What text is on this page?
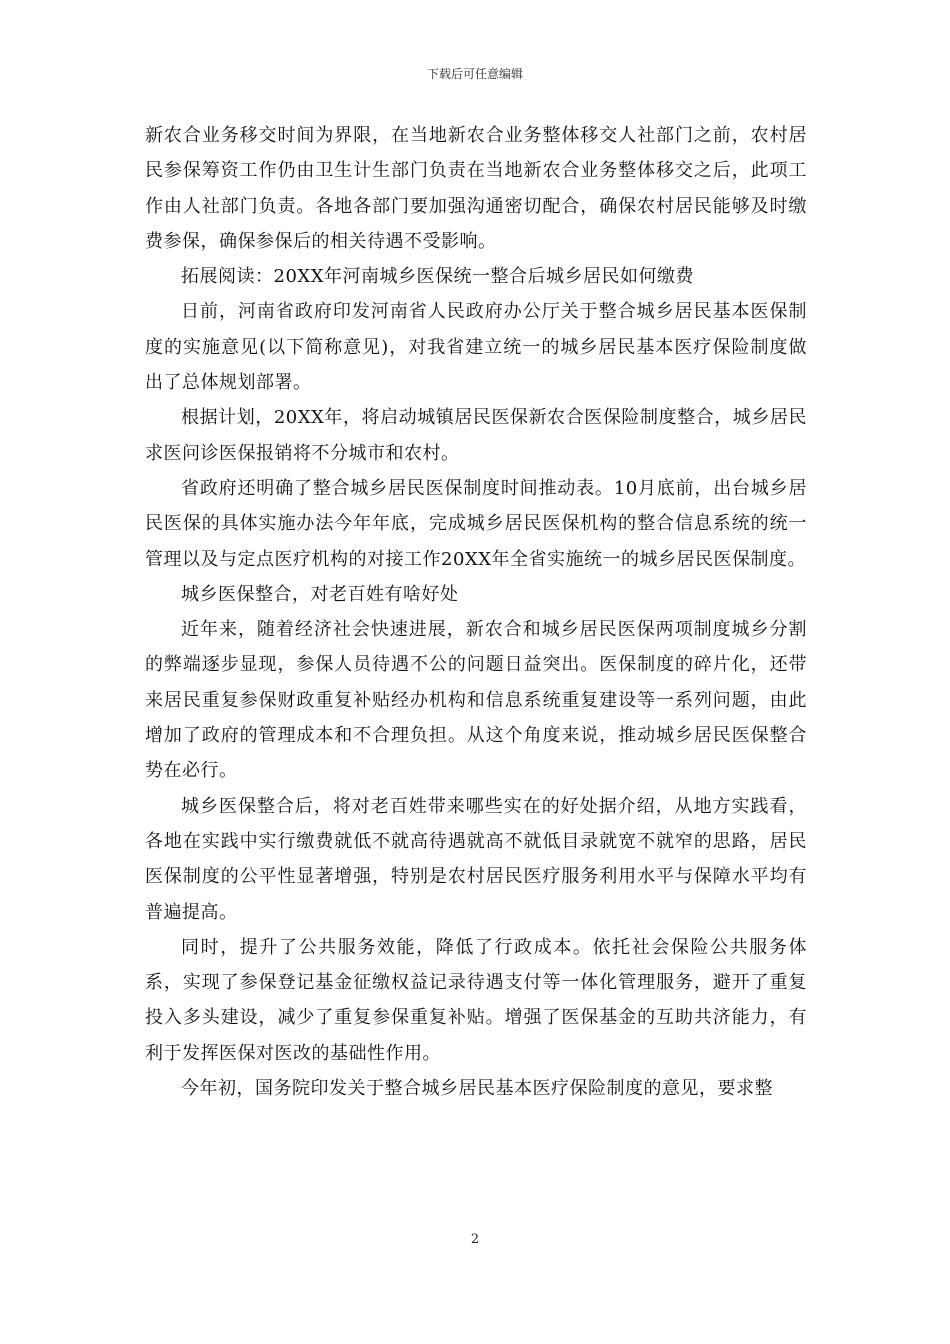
下载后可任意编辑

新农合业务移交时间为界限，在当地新农合业务整体移交人社部门之前，农村居民参保筹资工作仍由卫生计生部门负责在当地新农合业务整体移交之后，此项工作由人社部门负责。各地各部门要加强沟通密切配合，确保农村居民能够及时缴费参保，确保参保后的相关待遇不受影响。

拓展阅读：20XX年河南城乡医保统一整合后城乡居民如何缴费

日前，河南省政府印发河南省人民政府办公厅关于整合城乡居民基本医保制度的实施意见(以下简称意见)，对我省建立统一的城乡居民基本医疗保险制度做出了总体规划部署。

根据计划，20XX年，将启动城镇居民医保新农合医保险制度整合，城乡居民求医问诊医保报销将不分城市和农村。

省政府还明确了整合城乡居民医保制度时间推动表。10月底前，出台城乡居民医保的具体实施办法今年年底，完成城乡居民医保机构的整合信息系统的统一管理以及与定点医疗机构的对接工作20XX年全省实施统一的城乡居民医保制度。

城乡医保整合，对老百姓有啥好处

近年来，随着经济社会快速进展，新农合和城乡居民医保两项制度城乡分割的弊端逐步显现，参保人员待遇不公的问题日益突出。医保制度的碎片化，还带来居民重复参保财政重复补贴经办机构和信息系统重复建设等一系列问题，由此增加了政府的管理成本和不合理负担。从这个角度来说，推动城乡居民医保整合势在必行。

城乡医保整合后，将对老百姓带来哪些实在的好处据介绍，从地方实践看，各地在实践中实行缴费就低不就高待遇就高不就低目录就宽不就窄的思路，居民医保制度的公平性显著增强，特别是农村居民医疗服务利用水平与保障水平均有普遍提高。

同时，提升了公共服务效能，降低了行政成本。依托社会保险公共服务体系，实现了参保登记基金征缴权益记录待遇支付等一体化管理服务，避开了重复投入多头建设，减少了重复参保重复补贴。增强了医保基金的互助共济能力，有利于发挥医保对医改的基础性作用。

今年初，国务院印发关于整合城乡居民基本医疗保险制度的意见，要求整

2
